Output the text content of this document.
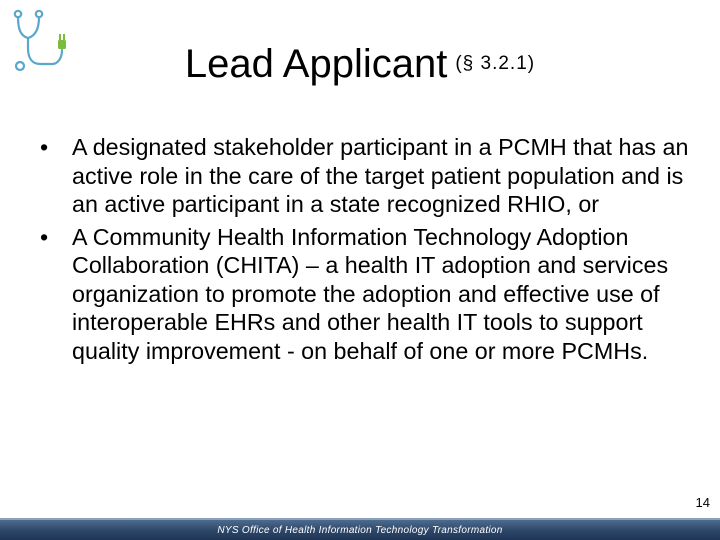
Lead Applicant $^{(\S 3.2.1)}$
• A designated stakeholder participant in a PCMH that has an active role in the care of the target patient population and is an active participant in a state recognized RHIO, or
• A Community Health Information Technology Adoption Collaboration (CHITA) – a health IT adoption and services organization to promote the adoption and effective use of interoperable EHRs and other health IT tools to support quality improvement - on behalf of one or more PCMHs.
14
NYS Office of Health Information Technology Transformation
